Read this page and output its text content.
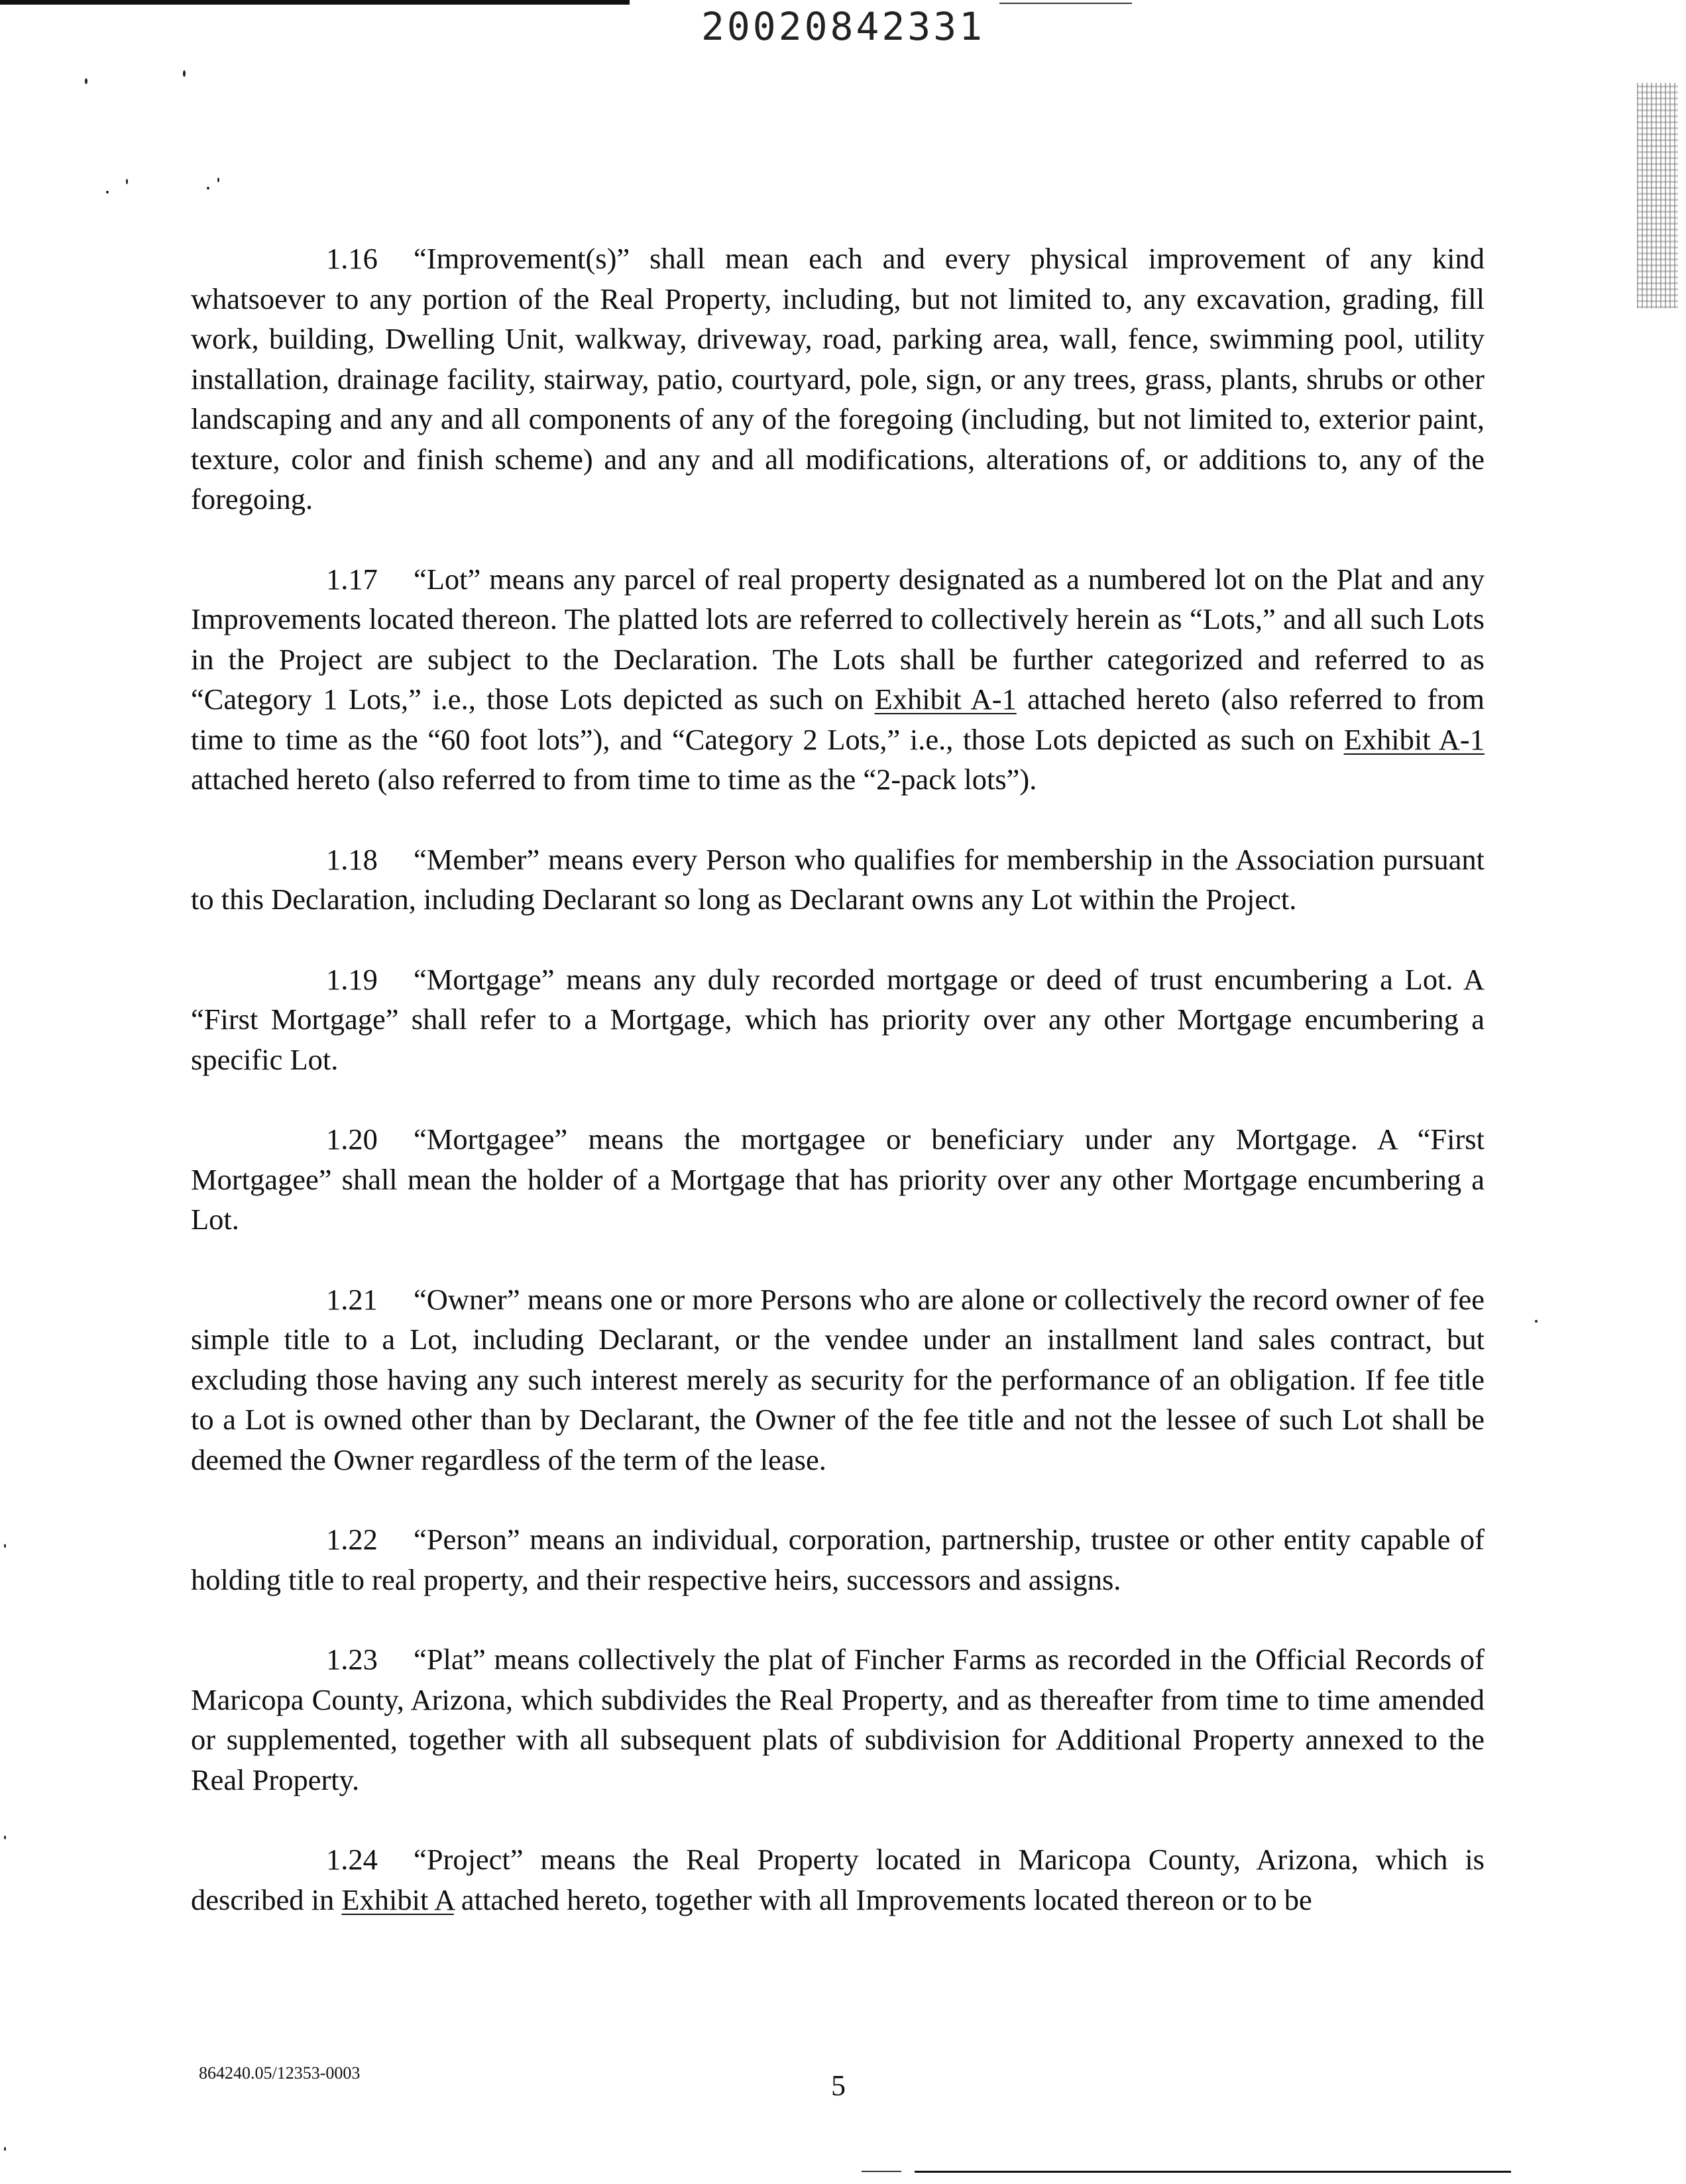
20020842331

1.16 “Improvement(s)” shall mean each and every physical improvement of any kind whatsoever to any portion of the Real Property, including, but not limited to, any excavation, grading, fill work, building, Dwelling Unit, walkway, driveway, road, parking area, wall, fence, swimming pool, utility installation, drainage facility, stairway, patio, courtyard, pole, sign, or any trees, grass, plants, shrubs or other landscaping and any and all components of any of the foregoing (including, but not limited to, exterior paint, texture, color and finish scheme) and any and all modifications, alterations of, or additions to, any of the foregoing.

1.17 “Lot” means any parcel of real property designated as a numbered lot on the Plat and any Improvements located thereon. The platted lots are referred to collectively herein as “Lots,” and all such Lots in the Project are subject to the Declaration. The Lots shall be further categorized and referred to as “Category 1 Lots,” i.e., those Lots depicted as such on Exhibit A-1 attached hereto (also referred to from time to time as the “60 foot lots”), and “Category 2 Lots,” i.e., those Lots depicted as such on Exhibit A-1 attached hereto (also referred to from time to time as the “2-pack lots”).

1.18 “Member” means every Person who qualifies for membership in the Association pursuant to this Declaration, including Declarant so long as Declarant owns any Lot within the Project.

1.19 “Mortgage” means any duly recorded mortgage or deed of trust encumbering a Lot. A “First Mortgage” shall refer to a Mortgage, which has priority over any other Mortgage encumbering a specific Lot.

1.20 “Mortgagee” means the mortgagee or beneficiary under any Mortgage. A “First Mortgagee” shall mean the holder of a Mortgage that has priority over any other Mortgage encumbering a Lot.

1.21 “Owner” means one or more Persons who are alone or collectively the record owner of fee simple title to a Lot, including Declarant, or the vendee under an installment land sales contract, but excluding those having any such interest merely as security for the performance of an obligation. If fee title to a Lot is owned other than by Declarant, the Owner of the fee title and not the lessee of such Lot shall be deemed the Owner regardless of the term of the lease.

1.22 “Person” means an individual, corporation, partnership, trustee or other entity capable of holding title to real property, and their respective heirs, successors and assigns.

1.23 “Plat” means collectively the plat of Fincher Farms as recorded in the Official Records of Maricopa County, Arizona, which subdivides the Real Property, and as thereafter from time to time amended or supplemented, together with all subsequent plats of subdivision for Additional Property annexed to the Real Property.

1.24 “Project” means the Real Property located in Maricopa County, Arizona, which is described in Exhibit A attached hereto, together with all Improvements located thereon or to be

864240.05/12353-0003	5
